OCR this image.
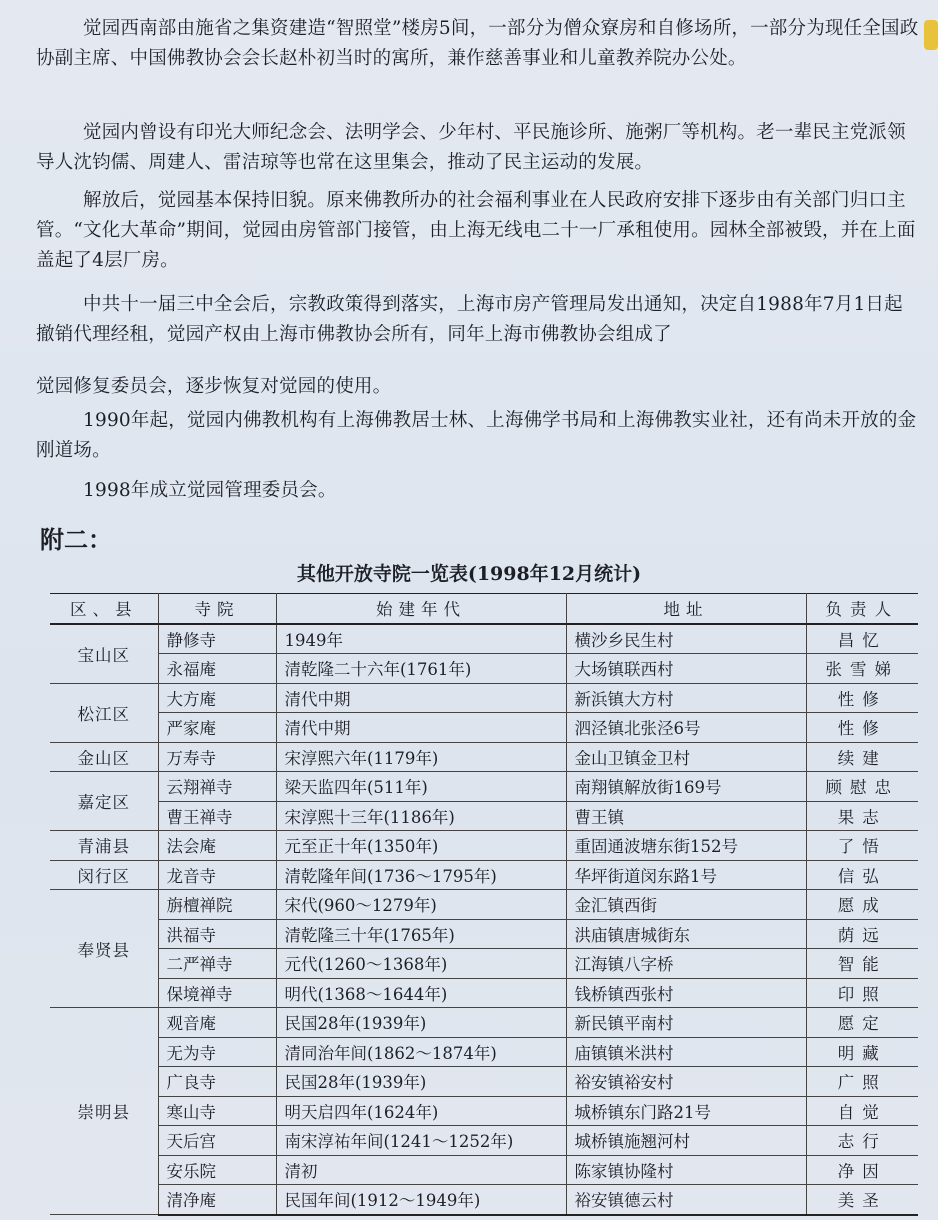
觉园西南部由施省之集资建造“智照堂”楼房5间，一部分为僧众寮房和自修场所，一部分为现任全国政协副主席、中国佛教协会会长赵朴初当时的寓所，兼作慈善事业和儿童教养院办公处。

觉园内曾设有印光大师纪念会、法明学会、少年村、平民施诊所、施粥厂等机构。老一辈民主党派领导人沈钧儒、周建人、雷洁琼等也常在这里集会，推动了民主运动的发展。

解放后，觉园基本保持旧貌。原来佛教所办的社会福利事业在人民政府安排下逐步由有关部门归口主管。“文化大革命”期间，觉园由房管部门接管，由上海无线电二十一厂承租使用。园林全部被毁，并在上面盖起了4层厂房。

中共十一届三中全会后，宗教政策得到落实，上海市房产管理局发出通知，决定自1988年7月1日起撤销代理经租，觉园产权由上海市佛教协会所有，同年上海市佛教协会组成了

觉园修复委员会，逐步恢复对觉园的使用。

1990年起，觉园内佛教机构有上海佛教居士林、上海佛学书局和上海佛教实业社，还有尚未开放的金刚道场。

1998年成立觉园管理委员会。

附二：
其他开放寺院一览表(1998年12月统计)
区、县	寺院	始建年代	地址	负责人
宝山区	静修寺	1949年	横沙乡民生村	昌忆
	永福庵	清乾隆二十六年(1761年)	大场镇联西村	张雪娣
松江区	大方庵	清代中期	新浜镇大方村	性修
	严家庵	清代中期	泗泾镇北张泾6号	性修
金山区	万寿寺	宋淳熙六年(1179年)	金山卫镇金卫村	续建
嘉定区	云翔禅寺	梁天监四年(511年)	南翔镇解放街169号	顾慰忠
	曹王禅寺	宋淳熙十三年(1186年)	曹王镇	果志
青浦县	法会庵	元至正十年(1350年)	重固通波塘东街152号	了悟
闵行区	龙音寺	清乾隆年间(1736～1795年)	华坪街道闵东路1号	信弘
奉贤县	旃檀禅院	宋代(960～1279年)	金汇镇西街	愿成
	洪福寺	清乾隆三十年(1765年)	洪庙镇唐城街东	荫远
	二严禅寺	元代(1260～1368年)	江海镇八字桥	智能
	保境禅寺	明代(1368～1644年)	钱桥镇西张村	印照
崇明县	观音庵	民国28年(1939年)	新民镇平南村	愿定
	无为寺	清同治年间(1862～1874年)	庙镇镇米洪村	明藏
	广良寺	民国28年(1939年)	裕安镇裕安村	广照
	寒山寺	明天启四年(1624年)	城桥镇东门路21号	自觉
	天后宫	南宋淳祐年间(1241～1252年)	城桥镇施翘河村	志行
	安乐院	清初	陈家镇协隆村	净因
	清净庵	民国年间(1912～1949年)	裕安镇德云村	美圣
